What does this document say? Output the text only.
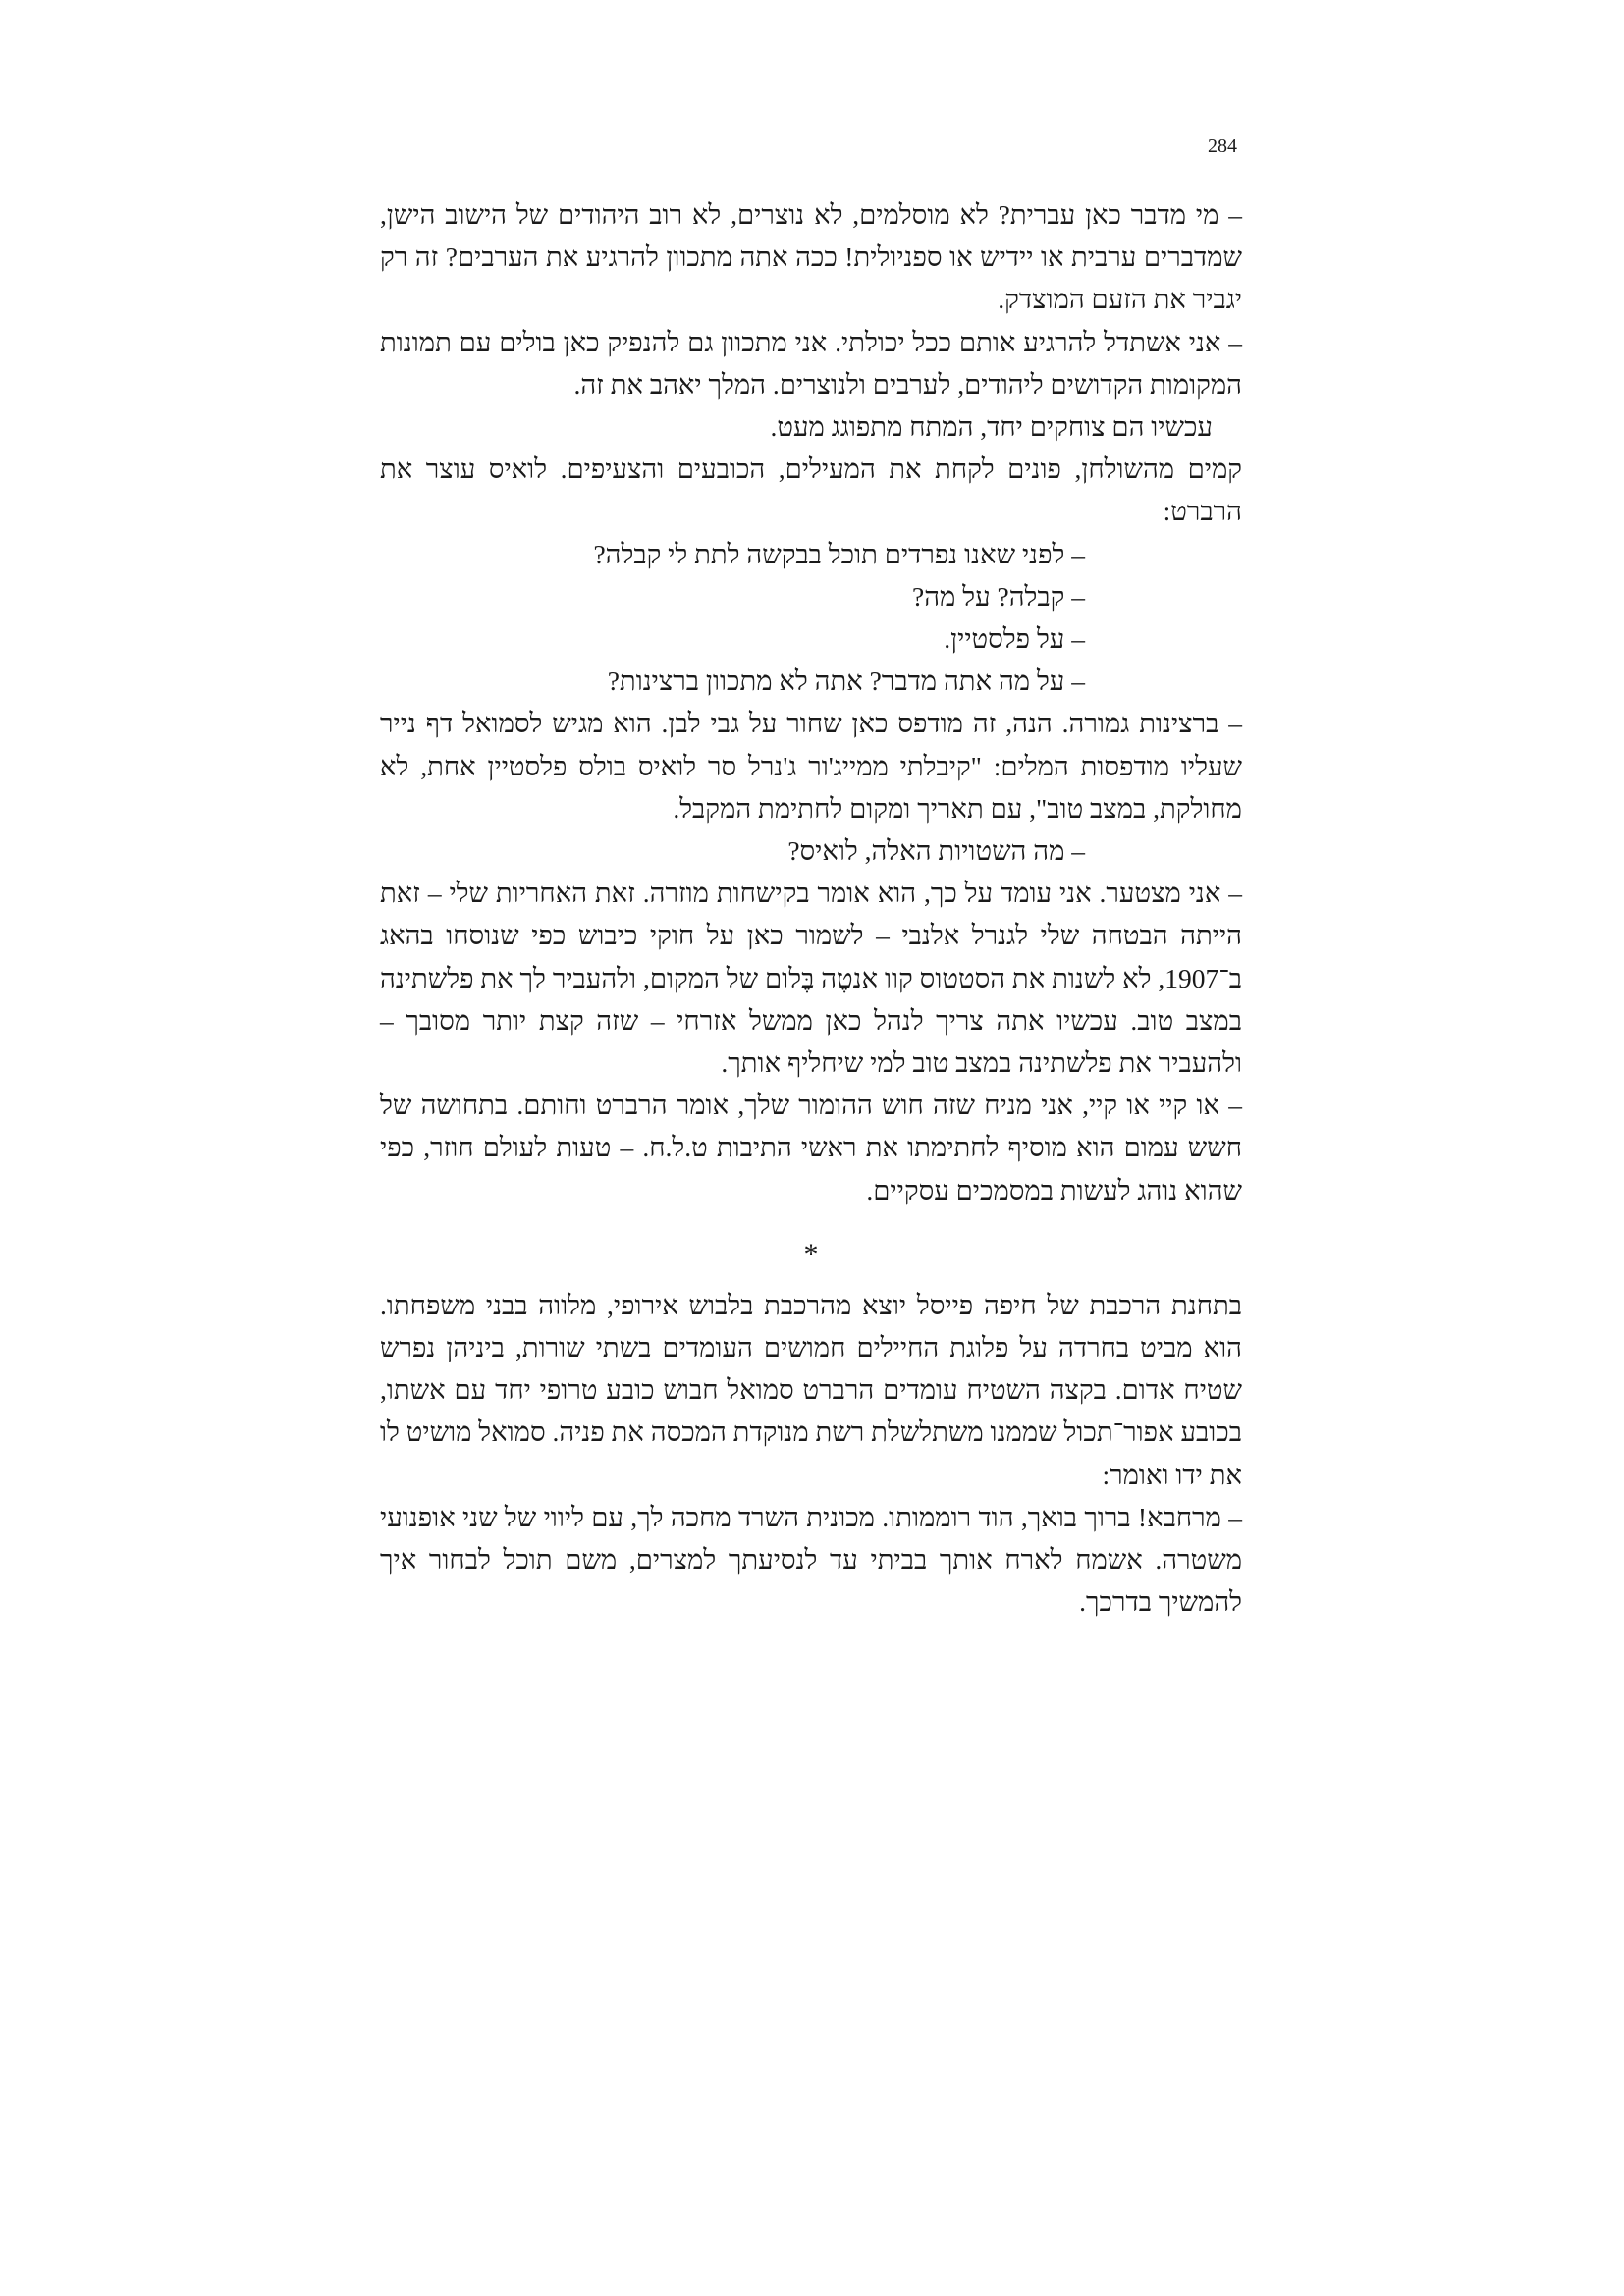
284

– מי מדבר כאן עברית? לא מוסלמים, לא נוצרים, לא רוב היהודים של הישוב הישן, שמדברים ערבית או יידיש או ספניולית! ככה אתה מתכוון להרגיע את הערבים? זה רק יגביר את הזעם המוצדק.

– אני אשתדל להרגיע אותם ככל יכולתי. אני מתכוון גם להנפיק כאן בולים עם תמונות המקומות הקדושים ליהודים, לערבים ולנוצרים. המלך יאהב את זה.

עכשיו הם צוחקים יחד, המתח מתפוגג מעט.

קמים מהשולחן, פונים לקחת את המעילים, הכובעים והצעיפים. לואיס עוצר את הרברט:

– לפני שאנו נפרדים תוכל בבקשה לתת לי קבלה?

– קבלה? על מה?

– על פלסטיין.

– על מה אתה מדבר? אתה לא מתכוון ברצינות?

– ברצינות גמורה. הנה, זה מודפס כאן שחור על גבי לבן. הוא מגיש לסמואל דף נייר שעליו מודפסות המלים: "קיבלתי ממייג'ור ג'נרל סר לואיס בולס פלסטיין אחת, לא מחולקת, במצב טוב", עם תאריך ומקום לחתימת המקבל.

– מה השטויות האלה, לואיס?

– אני מצטער. אני עומד על כך, הוא אומר בקישחות מוזרה. זאת האחריות שלי – זאת הייתה הבטחה שלי לגנרל אלנבי – לשמור כאן על חוקי כיבוש כפי שנוסחו בהאג ב־1907, לא לשנות את הסטטוס קוו אנטֶה בֶּלום של המקום, ולהעביר לך את פלשתינה במצב טוב. עכשיו אתה צריך לנהל כאן ממשל אזרחי – שזה קצת יותר מסובך – ולהעביר את פלשתינה במצב טוב למי שיחליף אותך.

– או קיי או קיי, אני מניח שזה חוש ההומור שלך, אומר הרברט וחותם. בתחושה של חשש עמום הוא מוסיף לחתימתו את ראשי התיבות ט.ל.ח. – טעות לעולם חוזר, כפי שהוא נוהג לעשות במסמכים עסקיים.

*

בתחנת הרכבת של חיפה פייסל יוצא מהרכבת בלבוש אירופי, מלווה בבני משפחתו. הוא מביט בחרדה על פלוגת החיילים חמושים העומדים בשתי שורות, ביניהן נפרש שטיח אדום. בקצה השטיח עומדים הרברט סמואל חבוש כובע טרופי יחד עם אשתו, בכובע אפור־תכול שממנו משתלשלת רשת מנוקדת המכסה את פניה. סמואל מושיט לו את ידו ואומר:

– מרחבא! ברוך בואך, הוד רוממותו. מכונית השרד מחכה לך, עם ליווי של שני אופנועי משטרה. אשמח לארח אותך בביתי עד לנסיעתך למצרים, משם תוכל לבחור איך להמשיך בדרכך.
